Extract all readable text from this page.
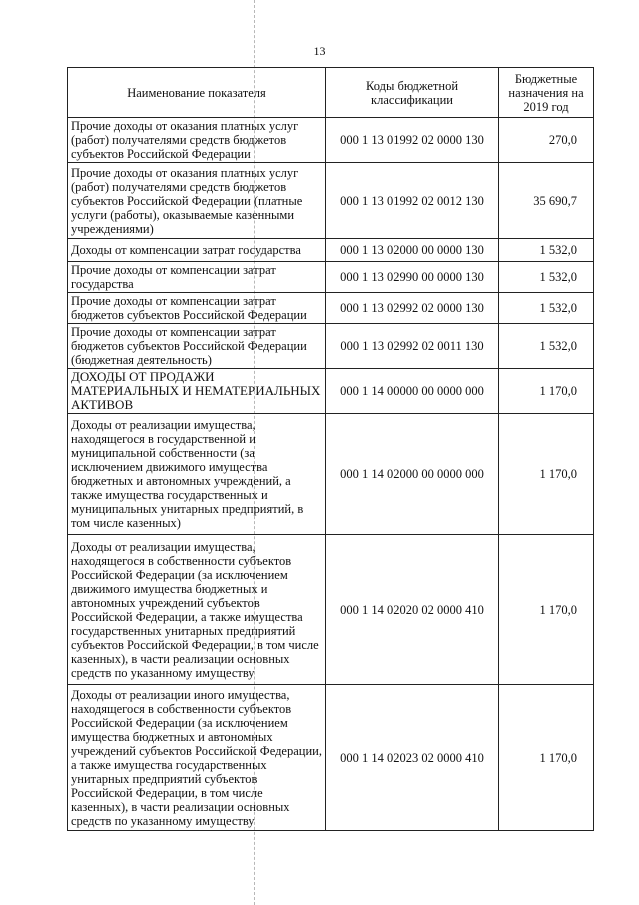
13
Наименование показателя	Коды бюджетной классификации	Бюджетные назначения на 2019 год
Прочие доходы от оказания платных услуг (работ) получателями средств бюджетов субъектов Российской Федерации	000 1 13 01992 02 0000 130	270,0
Прочие доходы от оказания платных услуг (работ) получателями средств бюджетов субъектов Российской Федерации (платные услуги (работы), оказываемые казенными учреждениями)	000 1 13 01992 02 0012 130	35 690,7
Доходы от компенсации затрат государства	000 1 13 02000 00 0000 130	1 532,0
Прочие доходы от компенсации затрат государства	000 1 13 02990 00 0000 130	1 532,0
Прочие доходы от компенсации затрат бюджетов субъектов Российской Федерации	000 1 13 02992 02 0000 130	1 532,0
Прочие доходы от компенсации затрат бюджетов субъектов Российской Федерации (бюджетная деятельность)	000 1 13 02992 02 0011 130	1 532,0
ДОХОДЫ ОТ ПРОДАЖИ МАТЕРИАЛЬНЫХ И НЕМАТЕРИАЛЬНЫХ АКТИВОВ	000 1 14 00000 00 0000 000	1 170,0
Доходы от реализации имущества, находящегося в государственной и муниципальной собственности (за исключением движимого имущества бюджетных и автономных учреждений, а также имущества государственных и муниципальных унитарных предприятий, в том числе казенных)	000 1 14 02000 00 0000 000	1 170,0
Доходы от реализации имущества, находящегося в собственности субъектов Российской Федерации (за исключением движимого имущества бюджетных и автономных учреждений субъектов Российской Федерации, а также имущества государственных унитарных предприятий субъектов Российской Федерации, в том числе казенных), в части реализации основных средств по указанному имуществу	000 1 14 02020 02 0000 410	1 170,0
Доходы от реализации иного имущества, находящегося в собственности субъектов Российской Федерации (за исключением имущества бюджетных и автономных учреждений субъектов Российской Федерации, а также имущества государственных унитарных предприятий субъектов Российской Федерации, в том числе казенных), в части реализации основных средств по указанному имуществу	000 1 14 02023 02 0000 410	1 170,0
